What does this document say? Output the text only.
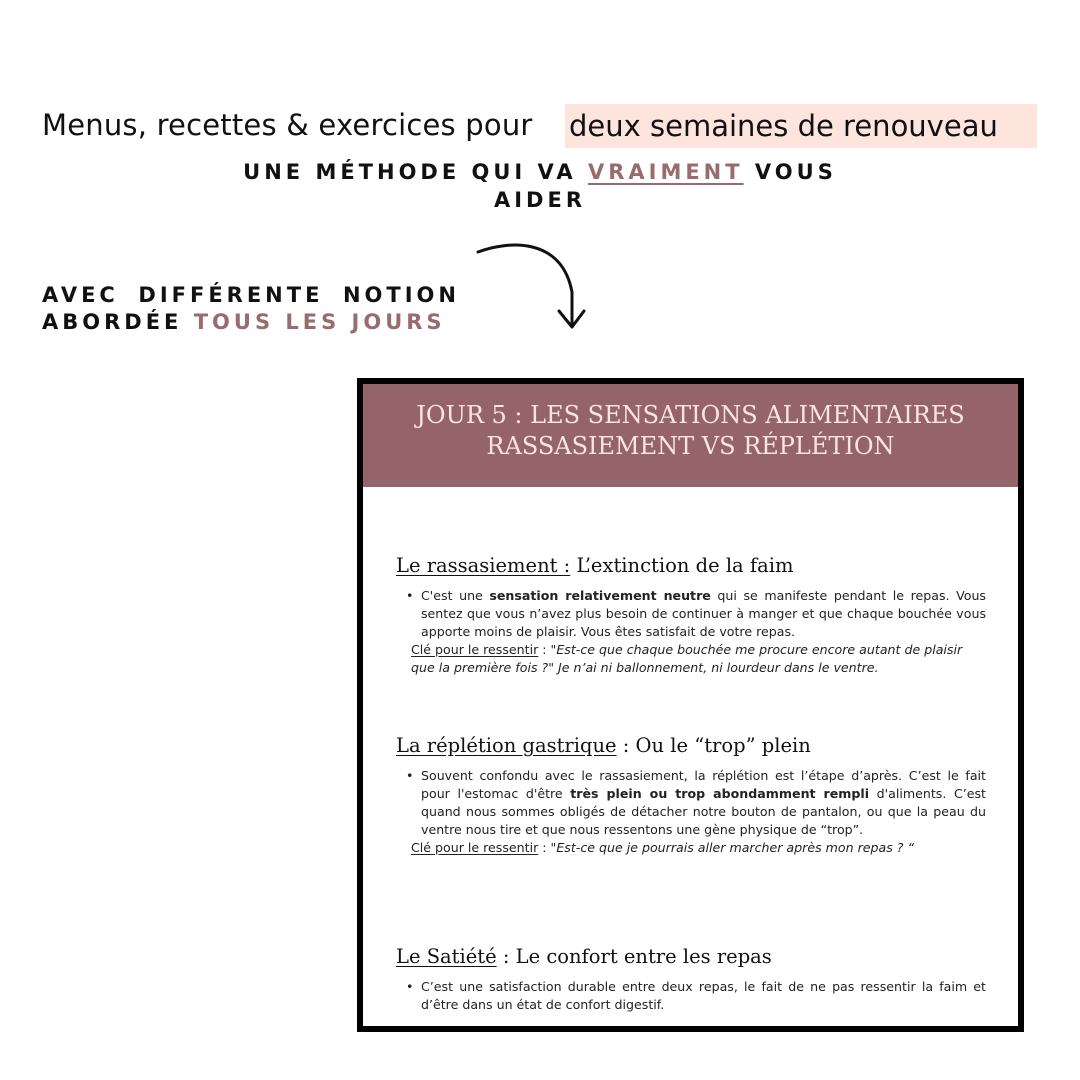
Menus, recettes & exercices pour deux semaines de renouveau
UNE MÉTHODE QUI VA VRAIMENT VOUS
AIDER
AVEC DIFFÉRENTE NOTION
ABORDÉE TOUS LES JOURS
JOUR 5 : LES SENSATIONS ALIMENTAIRES
RASSASIEMENT VS RÉPLÉTION
Le rassasiement : L’extinction de la faim
• C'est une sensation relativement neutre qui se manifeste pendant le repas. Vous sentez que vous n’avez plus besoin de continuer à manger et que chaque bouchée vous apporte moins de plaisir. Vous êtes satisfait de votre repas.
Clé pour le ressentir : "Est-ce que chaque bouchée me procure encore autant de plaisir que la première fois ?" Je n’ai ni ballonnement, ni lourdeur dans le ventre.
La réplétion gastrique : Ou le “trop” plein
• Souvent confondu avec le rassasiement, la réplétion est l’étape d’après. C’est le fait pour l'estomac d'être très plein ou trop abondamment rempli d'aliments. C’est quand nous sommes obligés de détacher notre bouton de pantalon, ou que la peau du ventre nous tire et que nous ressentons une gène physique de “trop”.
Clé pour le ressentir : "Est-ce que je pourrais aller marcher après mon repas ? “
Le Satiété : Le confort entre les repas
• C’est une satisfaction durable entre deux repas, le fait de ne pas ressentir la faim et d’être dans un état de confort digestif.
